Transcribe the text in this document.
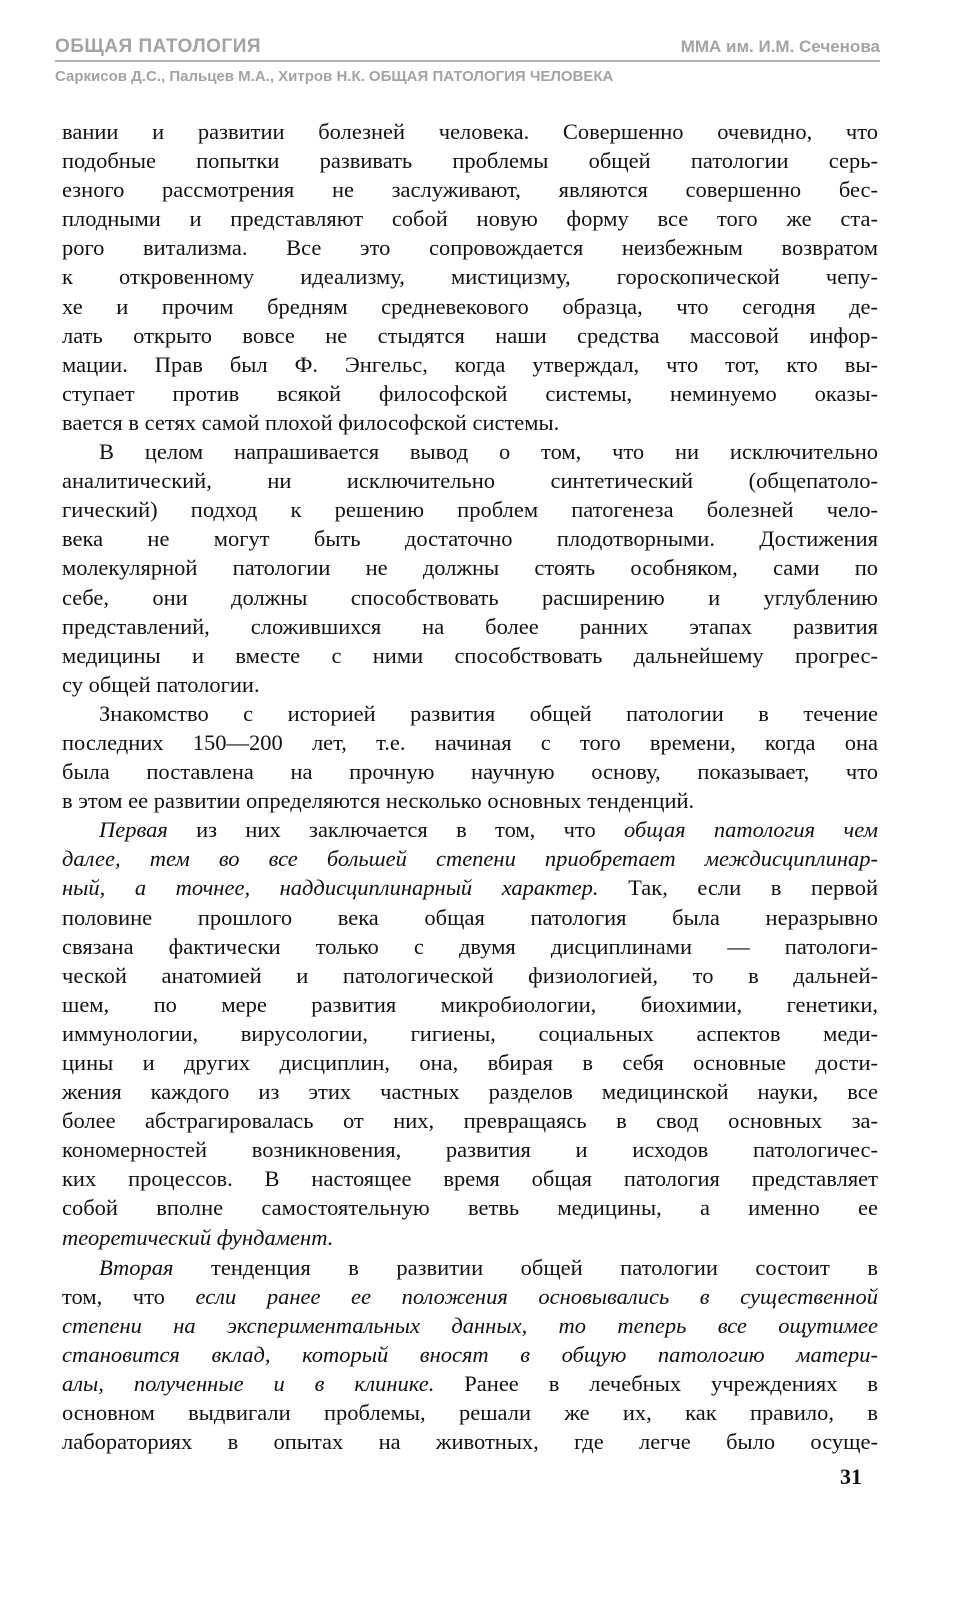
ОБЩАЯ ПАТОЛОГИЯ	ММА им. И.М. Сеченова
Саркисов Д.С., Пальцев М.А., Хитров Н.К. ОБЩАЯ ПАТОЛОГИЯ ЧЕЛОВЕКА

вании и развитии болезней человека. Совершенно очевидно, что
подобные попытки развивать проблемы общей патологии серь-
езного рассмотрения не заслуживают, являются совершенно бес-
плодными и представляют собой новую форму все того же ста-
рого витализма. Все это сопровождается неизбежным возвратом
к откровенному идеализму, мистицизму, гороскопической чепу-
хе и прочим бредням средневекового образца, что сегодня де-
лать открыто вовсе не стыдятся наши средства массовой инфор-
мации. Прав был Ф. Энгельс, когда утверждал, что тот, кто вы-
ступает против всякой философской системы, неминуемо оказы-
вается в сетях самой плохой философской системы.

В целом напрашивается вывод о том, что ни исключительно
аналитический, ни исключительно синтетический (общепатоло-
гический) подход к решению проблем патогенеза болезней чело-
века не могут быть достаточно плодотворными. Достижения
молекулярной патологии не должны стоять особняком, сами по
себе, они должны способствовать расширению и углублению
представлений, сложившихся на более ранних этапах развития
медицины и вместе с ними способствовать дальнейшему прогрес-
су общей патологии.

Знакомство с историей развития общей патологии в течение
последних 150—200 лет, т.е. начиная с того времени, когда она
была поставлена на прочную научную основу, показывает, что
в этом ее развитии определяются несколько основных тенденций.

Первая из них заключается в том, что общая патология чем
далее, тем во все большей степени приобретает междисциплинар-
ный, а точнее, наддисциплинарный характер. Так, если в первой
половине прошлого века общая патология была неразрывно
связана фактически только с двумя дисциплинами — патологи-
ческой анатомией и патологической физиологией, то в дальней-
шем, по мере развития микробиологии, биохимии, генетики,
иммунологии, вирусологии, гигиены, социальных аспектов меди-
цины и других дисциплин, она, вбирая в себя основные дости-
жения каждого из этих частных разделов медицинской науки, все
более абстрагировалась от них, превращаясь в свод основных за-
кономерностей возникновения, развития и исходов патологичес-
ких процессов. В настоящее время общая патология представляет
собой вполне самостоятельную ветвь медицины, а именно ее
теоретический фундамент.

Вторая тенденция в развитии общей патологии состоит в
том, что если ранее ее положения основывались в существенной
степени на экспериментальных данных, то теперь все ощутимее
становится вклад, который вносят в общую патологию матери-
алы, полученные и в клинике. Ранее в лечебных учреждениях в
основном выдвигали проблемы, решали же их, как правило, в
лабораториях в опытах на животных, где легче было осуще-

31
